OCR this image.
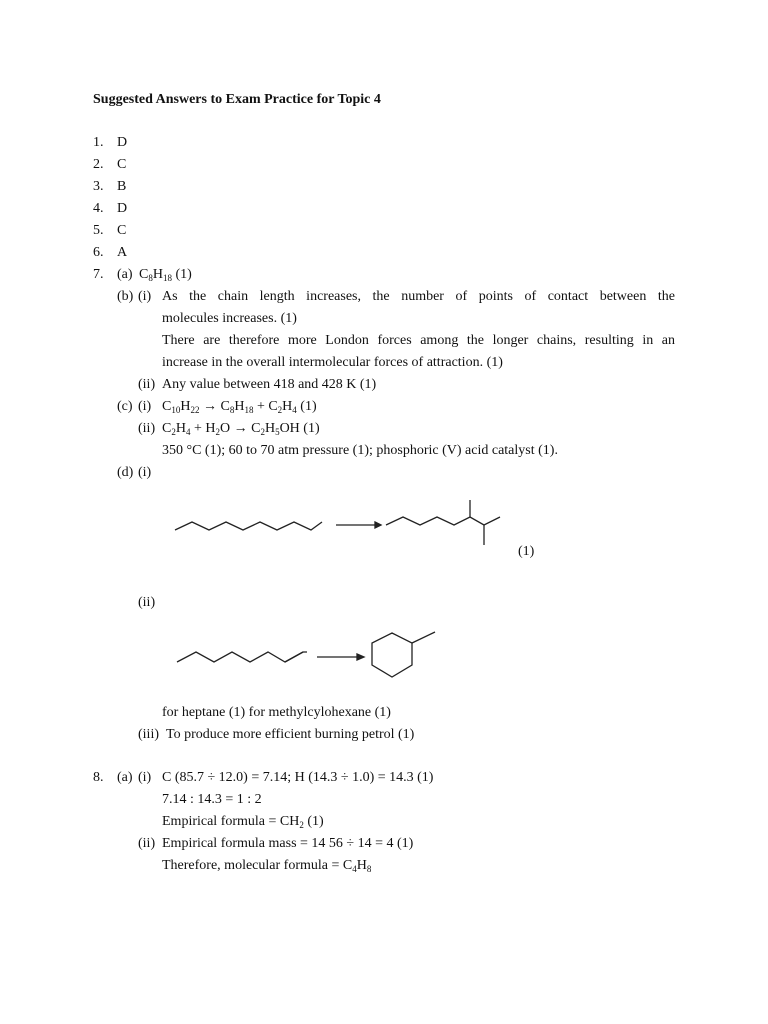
Suggested Answers to Exam Practice for Topic 4
1. D
2. C
3. B
4. D
5. C
6. A
7. (a) $C_8H_{18}$ (1)
(b) (i) As the chain length increases, the number of points of contact between the
molecules increases. (1)
There are therefore more London forces among the longer chains, resulting in an
increase in the overall intermolecular forces of attraction. (1)
(ii) Any value between 418 and 428 K (1)
(c) (i) $C_{10}H_{22} \to C_8H_{18} + C_2H_4$ (1)
(ii) $C_2H_4 + H_2O \to C_2H_5OH$ (1)
350 °C (1); 60 to 70 atm pressure (1); phosphoric (V) acid catalyst (1).
(d) (i)
(1)
(ii)
for heptane (1) for methylcylohexane (1)
(iii) To produce more efficient burning petrol (1)
8. (a) (i) C (85.7 ÷ 12.0) = 7.14; H (14.3 ÷ 1.0) = 14.3 (1)
7.14 : 14.3 = 1 : 2
Empirical formula = $CH_2$ (1)
(ii) Empirical formula mass = 14 56 ÷ 14 = 4 (1)
Therefore, molecular formula = $C_4H_8$
